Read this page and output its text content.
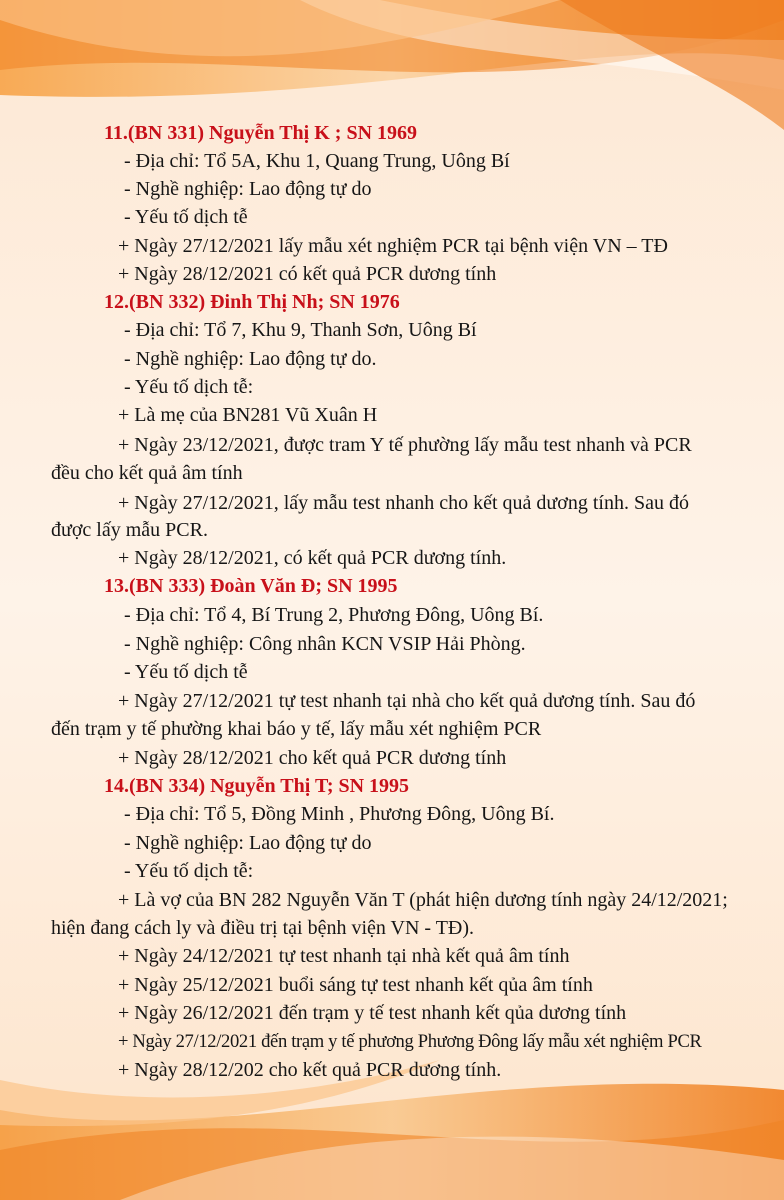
11.(BN 331) Nguyễn Thị K ; SN 1969
- Địa chỉ: Tổ 5A, Khu 1, Quang Trung, Uông Bí
- Nghề nghiệp: Lao động tự do
- Yếu tố dịch tễ
+ Ngày 27/12/2021 lấy mẫu xét nghiệm PCR tại bệnh viện VN – TĐ
+ Ngày 28/12/2021 có kết quả PCR dương tính
12.(BN 332) Đinh Thị Nh; SN 1976
- Địa chỉ: Tổ 7, Khu 9, Thanh Sơn, Uông Bí
- Nghề nghiệp: Lao động tự do.
- Yếu tố dịch tễ:
+ Là mẹ của BN281 Vũ Xuân H
+ Ngày 23/12/2021, được tram Y tế phường lấy mẫu test nhanh và PCR
đều cho kết quả âm tính
+ Ngày 27/12/2021, lấy mẫu test nhanh cho kết quả dương tính. Sau đó
được lấy mẫu PCR.
+ Ngày 28/12/2021, có kết quả PCR dương tính.
13.(BN 333) Đoàn Văn Đ; SN 1995
- Địa chỉ: Tổ 4, Bí Trung 2, Phương Đông, Uông Bí.
- Nghề nghiệp: Công nhân KCN VSIP Hải Phòng.
- Yếu tố dịch tễ
+ Ngày 27/12/2021 tự test nhanh tại nhà cho kết quả dương tính. Sau đó
đến trạm y tế phường khai báo y tế, lấy mẫu xét nghiệm PCR
+ Ngày 28/12/2021 cho kết quả PCR dương tính
14.(BN 334) Nguyễn Thị T; SN 1995
- Địa chỉ: Tổ 5, Đồng Minh , Phương Đông, Uông Bí.
- Nghề nghiệp: Lao động tự do
- Yếu tố dịch tễ:
+ Là vợ của BN 282 Nguyễn Văn T (phát hiện dương tính ngày 24/12/2021;
hiện đang cách ly và điều trị tại bệnh viện VN - TĐ).
+ Ngày 24/12/2021 tự test nhanh tại nhà kết quả âm tính
+ Ngày 25/12/2021 buổi sáng tự test nhanh kết qủa âm tính
+ Ngày 26/12/2021 đến trạm y tế test nhanh kết qủa dương tính
+ Ngày 27/12/2021 đến trạm y tế phương Phương Đông lấy mẫu xét nghiệm PCR
+ Ngày 28/12/202 cho kết quả PCR dương tính.
